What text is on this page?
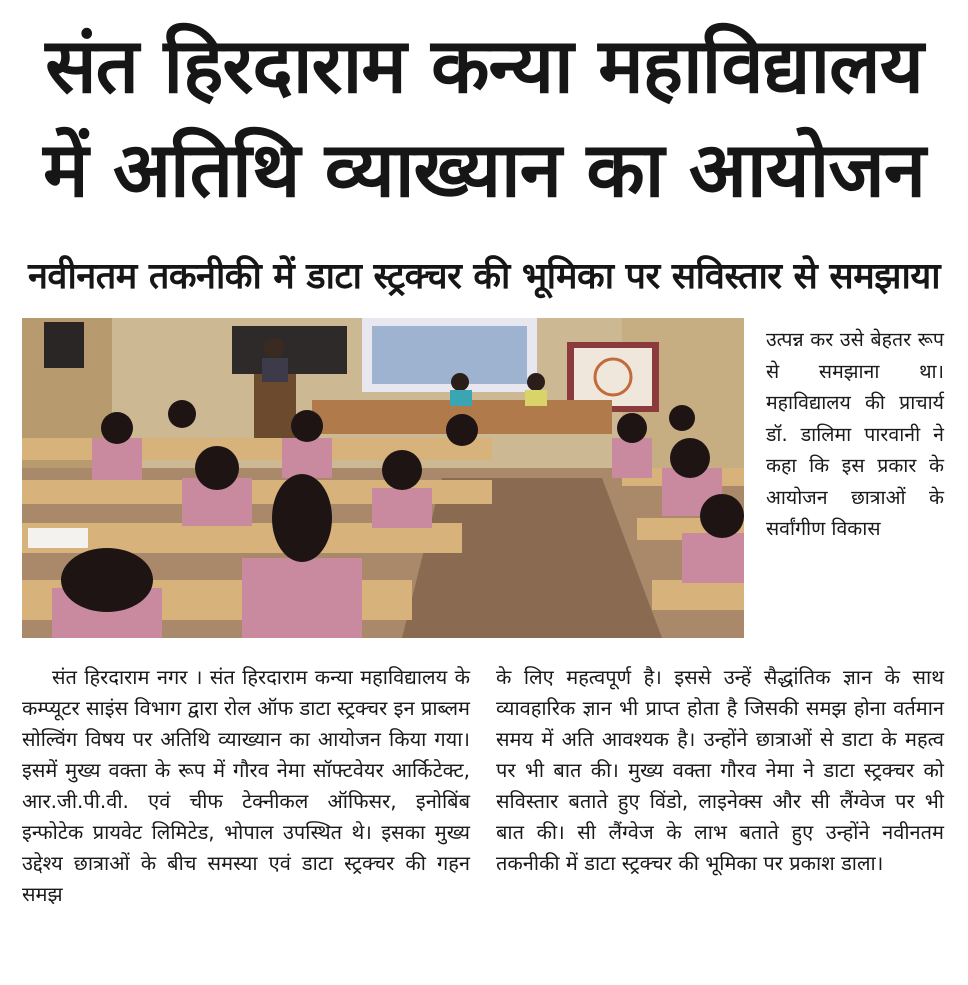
संत हिरदाराम कन्या महाविद्यालय
में अतिथि व्याख्यान का आयोजन
नवीनतम तकनीकी में डाटा स्ट्रक्चर की भूमिका पर सविस्तार से समझाया

उत्पन्न कर उसे बेहतर रूप से समझाना था। महाविद्यालय की प्राचार्य डॉ. डालिमा पारवानी ने कहा कि इस प्रकार के आयोजन छात्राओं के सर्वांगीण विकास

संत हिरदाराम नगर । संत हिरदाराम कन्या महाविद्यालय के कम्प्यूटर साइंस विभाग द्वारा रोल ऑफ डाटा स्ट्रक्चर इन प्राब्लम सोल्विंग विषय पर अतिथि व्याख्यान का आयोजन किया गया। इसमें मुख्य वक्ता के रूप में गौरव नेमा सॉफ्टवेयर आर्किटेक्ट, आर.जी.पी.वी. एवं चीफ टेक्नीकल ऑफिसर, इनोबिंब इन्फोटेक प्रायवेट लिमिटेड, भोपाल उपस्थित थे। इसका मुख्य उद्देश्य छात्राओं के बीच समस्या एवं डाटा स्ट्रक्चर की गहन समझ

के लिए महत्वपूर्ण है। इससे उन्हें सैद्धांतिक ज्ञान के साथ व्यावहारिक ज्ञान भी प्राप्त होता है जिसकी समझ होना वर्तमान समय में अति आवश्यक है। उन्होंने छात्राओं से डाटा के महत्व पर भी बात की। मुख्य वक्ता गौरव नेमा ने डाटा स्ट्रक्चर को सविस्तार बताते हुए विंडो, लाइनेक्स और सी लैंग्वेज पर भी बात की। सी लैंग्वेज के लाभ बताते हुए उन्होंने नवीनतम तकनीकी में डाटा स्ट्रक्चर की भूमिका पर प्रकाश डाला।
